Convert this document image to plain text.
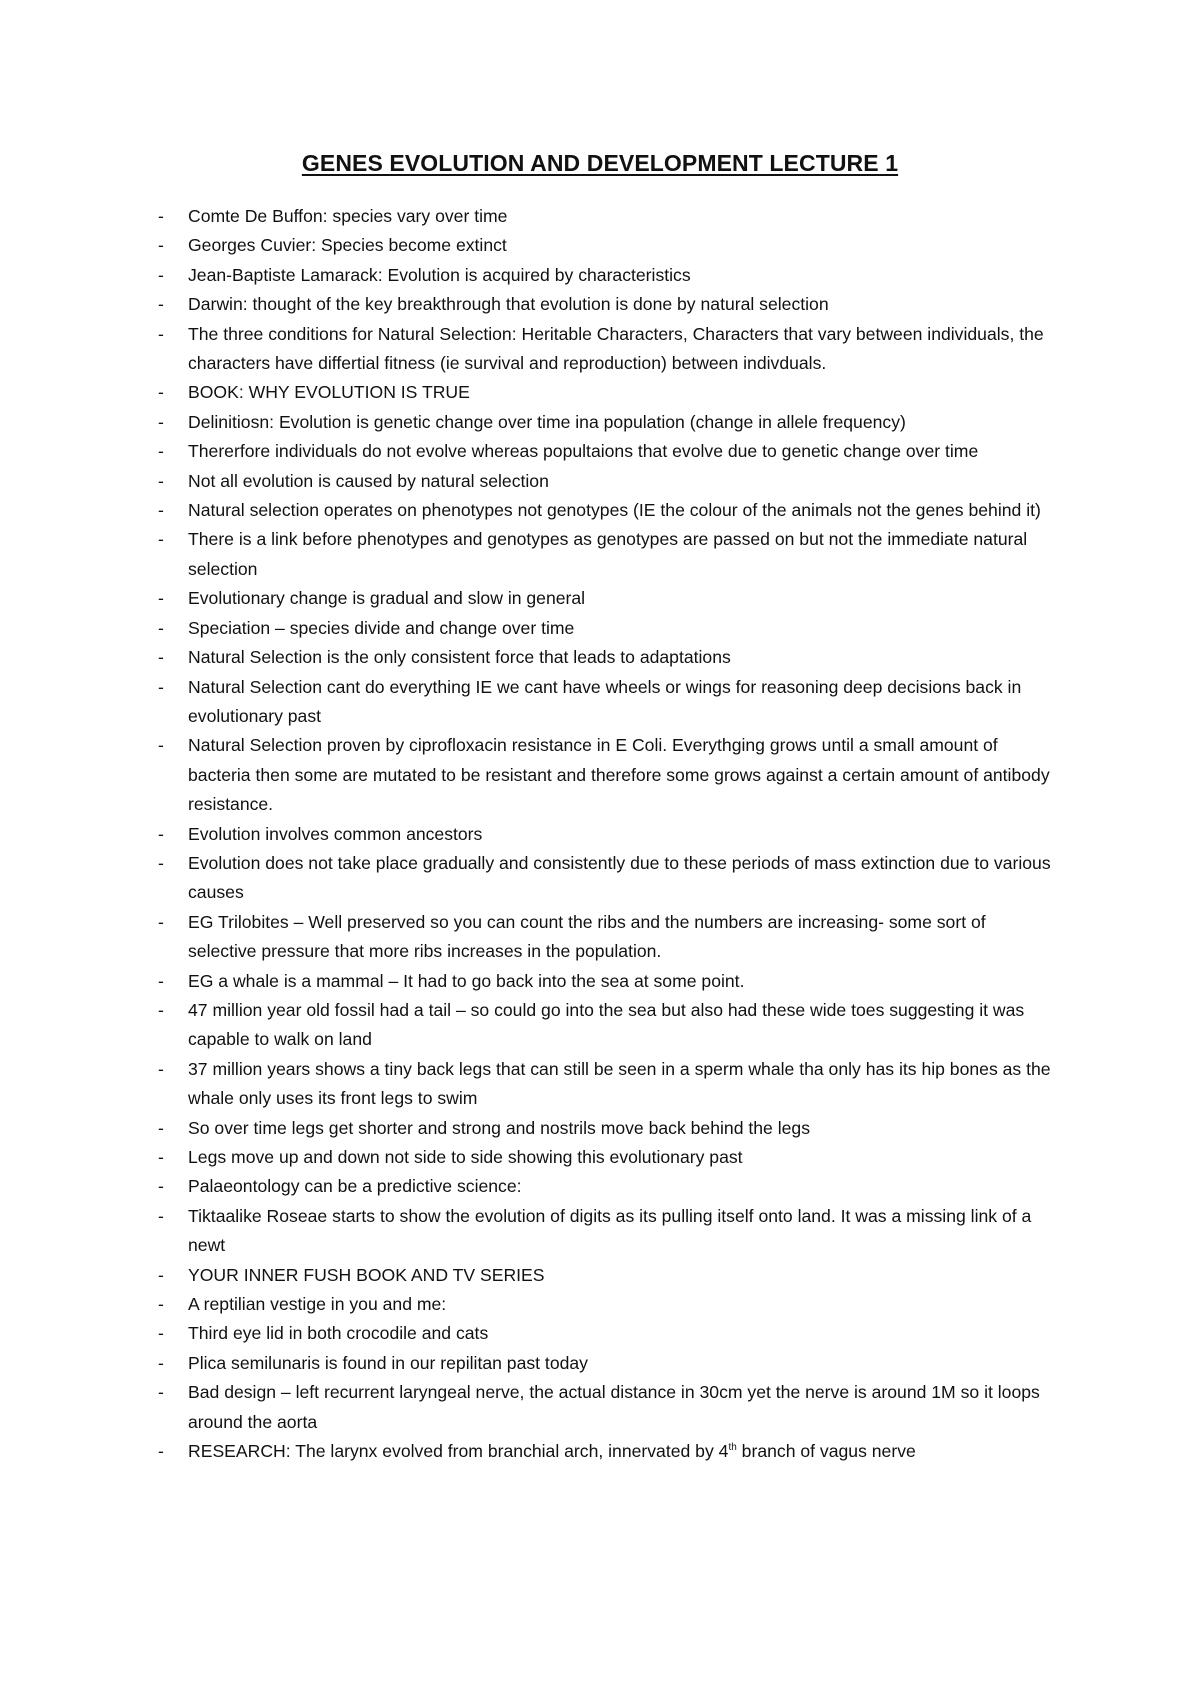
GENES EVOLUTION AND DEVELOPMENT LECTURE 1
- Comte De Buffon: species vary over time
- Georges Cuvier: Species become extinct
- Jean-Baptiste Lamarack: Evolution is acquired by characteristics
- Darwin: thought of the key breakthrough that evolution is done by natural selection
- The three conditions for Natural Selection: Heritable Characters, Characters that vary between individuals, the characters have differtial fitness (ie survival and reproduction) between indivduals.
- BOOK: WHY EVOLUTION IS TRUE
- Delinitiosn: Evolution is genetic change over time ina population (change in allele frequency)
- Thererfore individuals do not evolve whereas popultaions that evolve due to genetic change over time
- Not all evolution is caused by natural selection
- Natural selection operates on phenotypes not genotypes (IE the colour of the animals not the genes behind it)
- There is a link before phenotypes and genotypes as genotypes are passed on but not the immediate natural selection
- Evolutionary change is gradual and slow in general
- Speciation – species divide and change over time
- Natural Selection is the only consistent force that leads to adaptations
- Natural Selection cant do everything IE we cant have wheels or wings for reasoning deep decisions back in evolutionary past
- Natural Selection proven by ciprofloxacin resistance in E Coli. Everythging grows until a small amount of bacteria then some are mutated to be resistant and therefore some grows against a certain amount of antibody resistance.
- Evolution involves common ancestors
- Evolution does not take place gradually and consistently due to these periods of mass extinction due to various causes
- EG Trilobites – Well preserved so you can count the ribs and the numbers are increasing- some sort of selective pressure that more ribs increases in the population.
- EG a whale is a mammal – It had to go back into the sea at some point.
- 47 million year old fossil had a tail – so could go into the sea but also had these wide toes suggesting it was capable to walk on land
- 37 million years shows a tiny back legs that can still be seen in a sperm whale tha only has its hip bones as the whale only uses its front legs to swim
- So over time legs get shorter and strong and nostrils move back behind the legs
- Legs move up and down not side to side showing this evolutionary past
- Palaeontology can be a predictive science:
- Tiktaalike Roseae starts to show the evolution of digits as its pulling itself onto land. It was a missing link of a newt
- YOUR INNER FUSH BOOK AND TV SERIES
- A reptilian vestige in you and me:
- Third eye lid in both crocodile and cats
- Plica semilunaris is found in our repilitan past today
- Bad design – left recurrent laryngeal nerve, the actual distance in 30cm yet the nerve is around 1M so it loops around the aorta
- RESEARCH: The larynx evolved from branchial arch, innervated by 4th branch of vagus nerve
